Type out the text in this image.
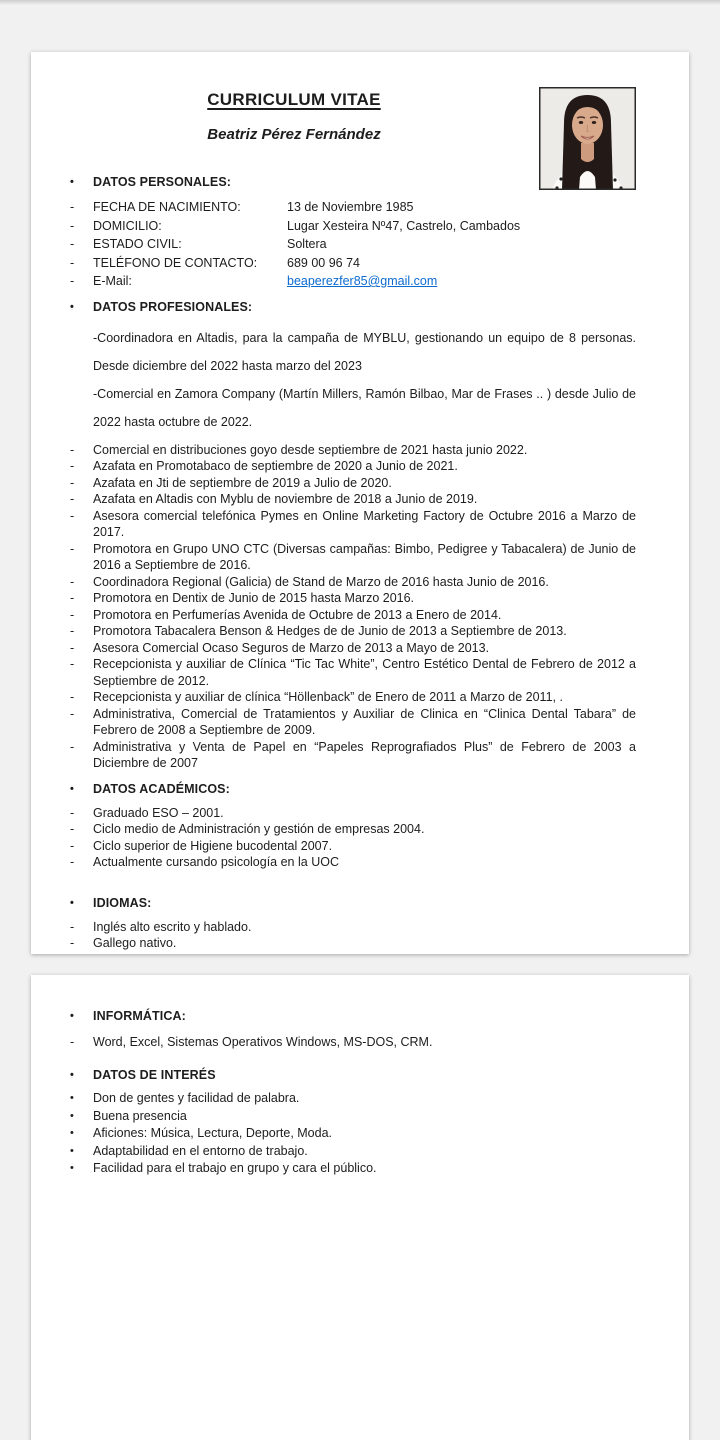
CURRICULUM VITAE
Beatriz Pérez Fernández
•	DATOS PERSONALES:
-	FECHA DE NACIMIENTO:	13 de Noviembre 1985
-	DOMICILIO:	Lugar Xesteira Nº47, Castrelo, Cambados
-	ESTADO CIVIL:	Soltera
-	TELÉFONO DE CONTACTO:	689 00 96 74
-	E-Mail:	beaperezfer85@gmail.com
•	DATOS PROFESIONALES:
-Coordinadora en Altadis, para la campaña de MYBLU, gestionando un equipo de 8 personas. Desde diciembre del 2022 hasta marzo del 2023
-Comercial en Zamora Company (Martín Millers, Ramón Bilbao, Mar de Frases .. ) desde Julio de 2022 hasta octubre de 2022.
-	Comercial en distribuciones goyo desde septiembre de 2021 hasta junio 2022.
-	Azafata en Promotabaco de septiembre de 2020 a Junio de 2021.
-	Azafata en Jti de septiembre de 2019 a Julio de 2020.
-	Azafata en Altadis con Myblu de noviembre de 2018 a Junio de 2019.
-	Asesora comercial telefónica Pymes en Online Marketing Factory de Octubre 2016 a Marzo de 2017.
-	Promotora en Grupo UNO CTC (Diversas campañas: Bimbo, Pedigree y Tabacalera) de Junio de 2016 a Septiembre de 2016.
-	Coordinadora Regional (Galicia) de Stand de Marzo de 2016 hasta Junio de 2016.
-	Promotora en Dentix de Junio de 2015 hasta Marzo 2016.
-	Promotora en Perfumerías Avenida de Octubre de 2013 a Enero de 2014.
-	Promotora Tabacalera Benson & Hedges de de Junio de 2013 a Septiembre de 2013.
-	Asesora Comercial Ocaso Seguros de Marzo de 2013 a Mayo de 2013.
-	Recepcionista y auxiliar de Clínica “Tic Tac White”, Centro Estético Dental de Febrero de 2012 a Septiembre de 2012.
-	Recepcionista y auxiliar de clínica “Höllenback” de Enero de 2011 a Marzo de 2011, .
-	Administrativa, Comercial de Tratamientos y Auxiliar de Clinica en “Clinica Dental Tabara” de Febrero de 2008 a Septiembre de 2009.
-	Administrativa y Venta de Papel en “Papeles Reprografiados Plus” de Febrero de 2003 a Diciembre de 2007
•	DATOS ACADÉMICOS:
-	Graduado ESO – 2001.
-	Ciclo medio de Administración y gestión de empresas 2004.
-	Ciclo superior de Higiene bucodental 2007.
-	Actualmente cursando psicología en la UOC
•	IDIOMAS:
-	Inglés alto escrito y hablado.
-	Gallego nativo.
•	INFORMÁTICA:
-	Word, Excel, Sistemas Operativos Windows, MS-DOS, CRM.
•	DATOS DE INTERÉS
•	Don de gentes y facilidad de palabra.
•	Buena presencia
•	Aficiones: Música, Lectura, Deporte, Moda.
•	Adaptabilidad en el entorno de trabajo.
•	Facilidad para el trabajo en grupo y cara el público.
